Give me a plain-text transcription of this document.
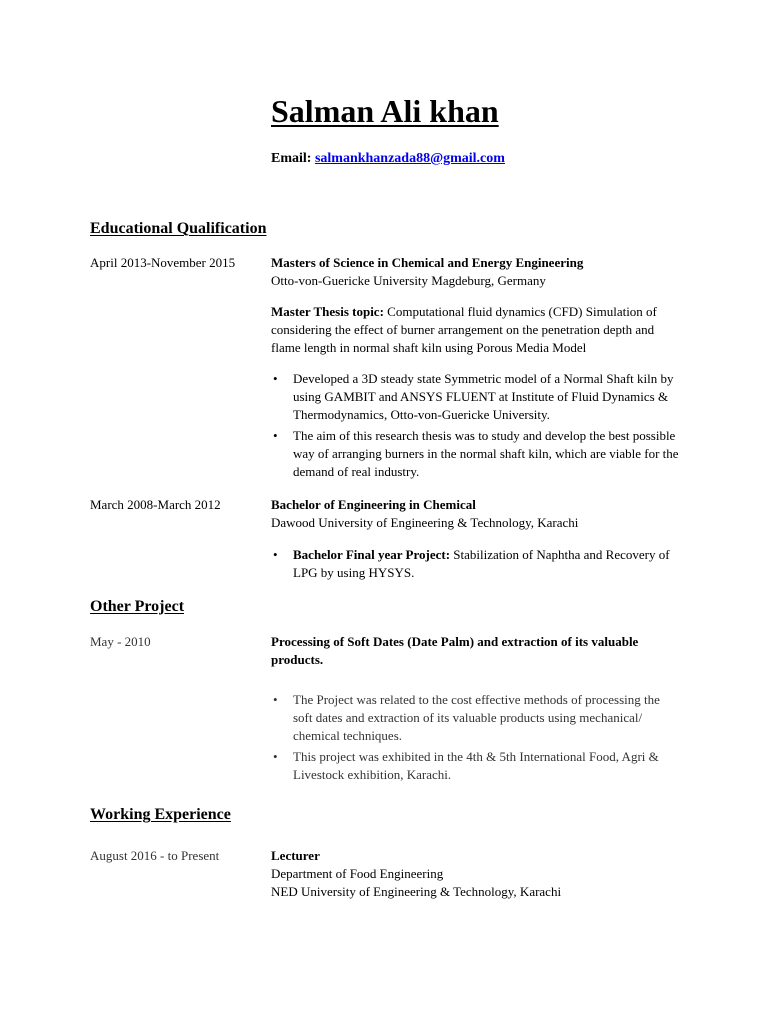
Salman Ali khan
Email: salmankhanzada88@gmail.com
Educational Qualification
April 2013-November 2015	Masters of Science in Chemical and Energy Engineering

Otto-von-Guericke University Magdeburg, Germany

Master Thesis topic: Computational fluid dynamics (CFD) Simulation of considering the effect of burner arrangement on the penetration depth and flame length in normal shaft kiln using Porous Media Model

• Developed a 3D steady state Symmetric model of a Normal Shaft kiln by using GAMBIT and ANSYS FLUENT at Institute of Fluid Dynamics & Thermodynamics, Otto-von-Guericke University.
• The aim of this research thesis was to study and develop the best possible way of arranging burners in the normal shaft kiln, which are viable for the demand of real industry.
March 2008-March 2012	Bachelor of Engineering in Chemical

Dawood University of Engineering & Technology, Karachi

• Bachelor Final year Project: Stabilization of Naphtha and Recovery of LPG by using HYSYS.
Other Project
May - 2010	Processing of Soft Dates (Date Palm) and extraction of its valuable products.

• The Project was related to the cost effective methods of processing the soft dates and extraction of its valuable products using mechanical/ chemical techniques.
• This project was exhibited in the 4th & 5th International Food, Agri & Livestock exhibition, Karachi.
Working Experience
August 2016 - to Present	Lecturer

Department of Food Engineering

NED University of Engineering & Technology, Karachi
